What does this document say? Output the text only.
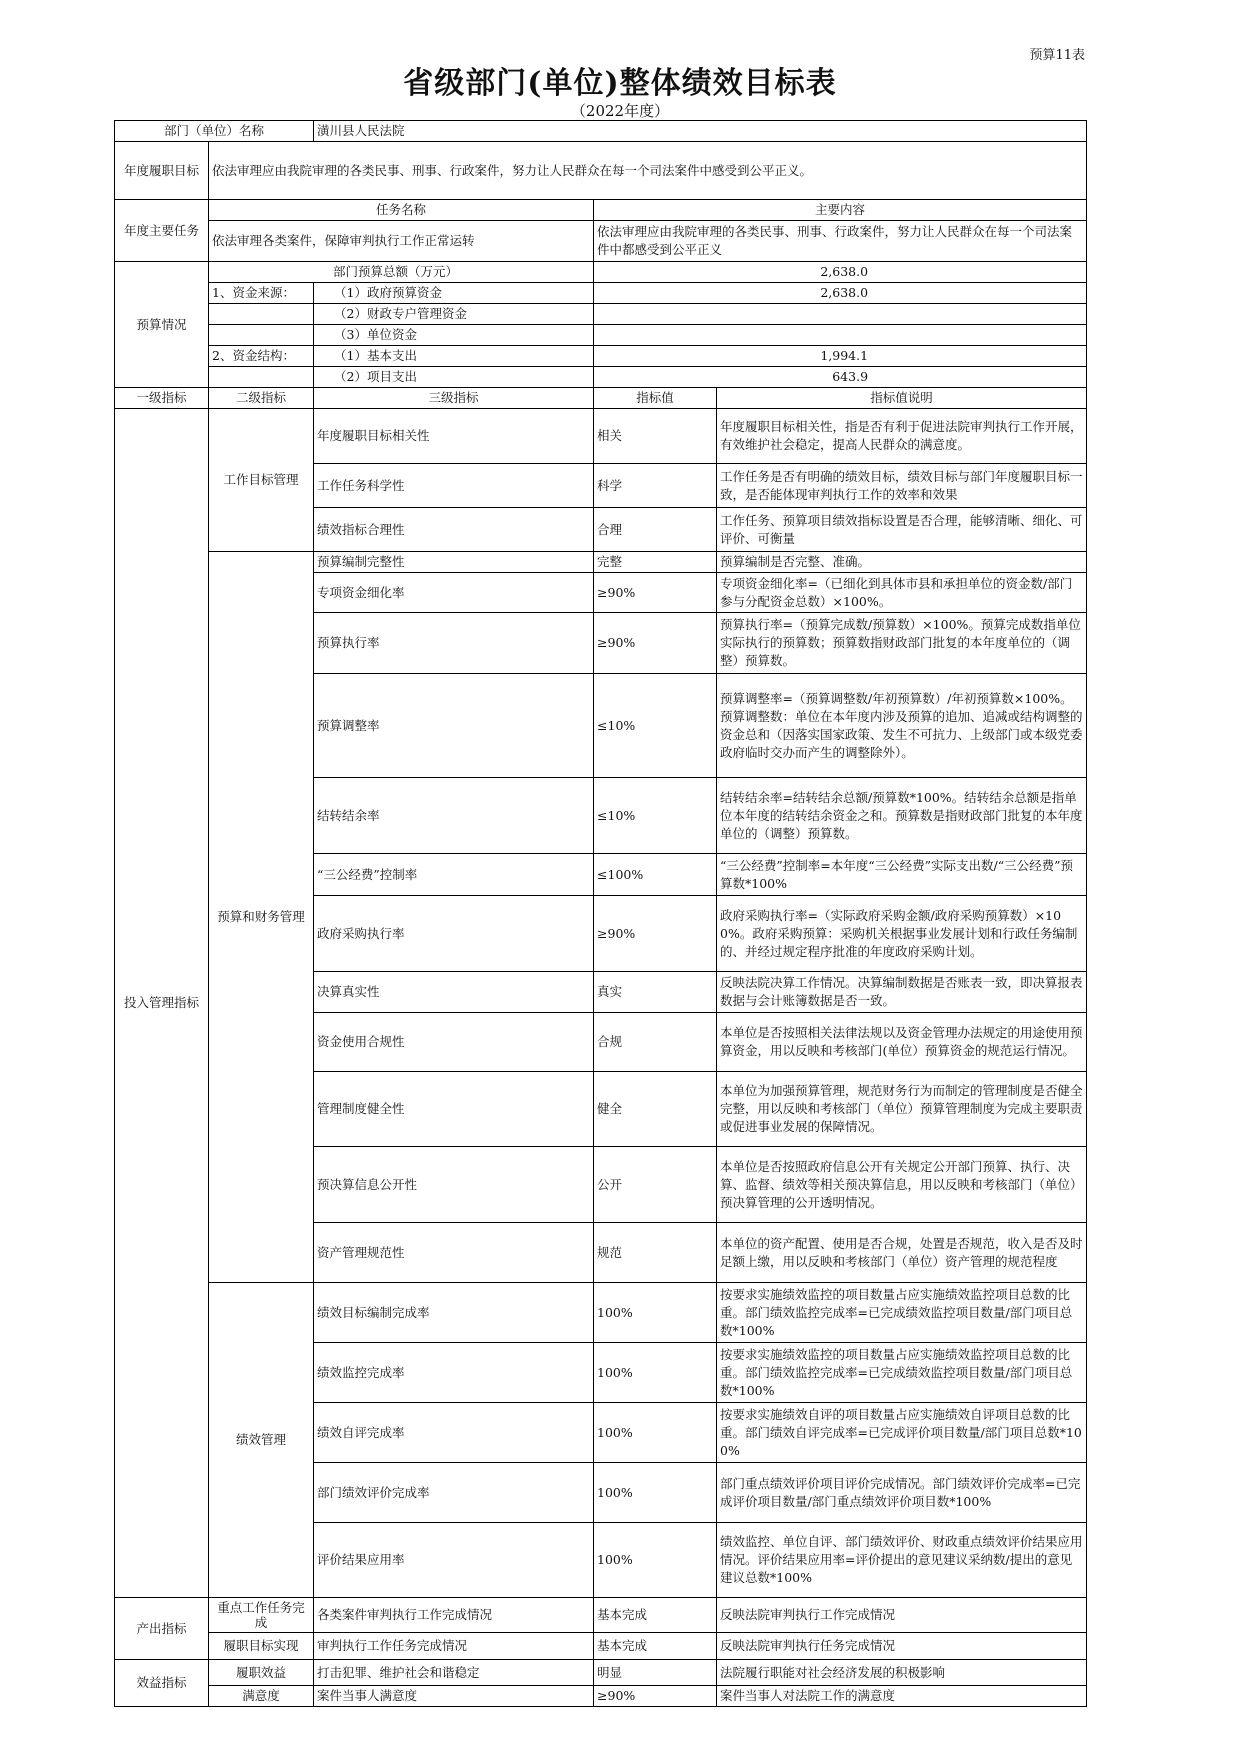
预算11表
省级部门(单位)整体绩效目标表
（2022年度）
部门（单位）名称		潢川县人民法院		
年度履职目标	依法审理应由我院审理的各类民事、刑事、行政案件，努力让人民群众在每一个司法案件中感受到公平正义。			
年度主要任务	任务名称		主要内容	
	依法审理各类案件，保障审判执行工作正常运转		依法审理应由我院审理的各类民事、刑事、行政案件，努力让人民群众在每一个司法案件中都感受到公平正义	
预算情况	部门预算总额（万元）		2,638.0	
	1、资金来源：	（1）政府预算资金	2,638.0	
		（2）财政专户管理资金		
		（3）单位资金		
	2、资金结构：	（1）基本支出	1,994.1	
		（2）项目支出	643.9	
一级指标	二级指标	三级指标	指标值	指标值说明
投入管理指标	工作目标管理	年度履职目标相关性	相关	年度履职目标相关性，指是否有利于促进法院审判执行工作开展，有效维护社会稳定，提高人民群众的满意度。
		工作任务科学性	科学	工作任务是否有明确的绩效目标，绩效目标与部门年度履职目标一致，是否能体现审判执行工作的效率和效果
		绩效指标合理性	合理	工作任务、预算项目绩效指标设置是否合理，能够清晰、细化、可评价、可衡量
	预算和财务管理	预算编制完整性	完整	预算编制是否完整、准确。
		专项资金细化率	≥90%	专项资金细化率=（已细化到具体市县和承担单位的资金数/部门参与分配资金总数）×100%。
		预算执行率	≥90%	预算执行率=（预算完成数/预算数）×100%。预算完成数指单位实际执行的预算数；预算数指财政部门批复的本年度单位的（调整）预算数。
		预算调整率	≤10%	预算调整率=（预算调整数/年初预算数）/年初预算数×100%。预算调整数：单位在本年度内涉及预算的追加、追减或结构调整的资金总和（因落实国家政策、发生不可抗力、上级部门或本级党委政府临时交办而产生的调整除外）。
		结转结余率	≤10%	结转结余率=结转结余总额/预算数*100%。结转结余总额是指单位本年度的结转结余资金之和。预算数是指财政部门批复的本年度单位的（调整）预算数。
		“三公经费”控制率	≤100%	“三公经费”控制率=本年度“三公经费”实际支出数/“三公经费”预算数*100%
		政府采购执行率	≥90%	政府采购执行率=（实际政府采购金额/政府采购预算数）×100%。政府采购预算：采购机关根据事业发展计划和行政任务编制的、并经过规定程序批准的年度政府采购计划。
		决算真实性	真实	反映法院决算工作情况。决算编制数据是否账表一致，即决算报表数据与会计账簿数据是否一致。
		资金使用合规性	合规	本单位是否按照相关法律法规以及资金管理办法规定的用途使用预算资金，用以反映和考核部门(单位）预算资金的规范运行情况。
		管理制度健全性	健全	本单位为加强预算管理，规范财务行为而制定的管理制度是否健全完整，用以反映和考核部门（单位）预算管理制度为完成主要职责或促进事业发展的保障情况。
		预决算信息公开性	公开	本单位是否按照政府信息公开有关规定公开部门预算、执行、决算、监督、绩效等相关预决算信息，用以反映和考核部门（单位）预决算管理的公开透明情况。
		资产管理规范性	规范	本单位的资产配置、使用是否合规，处置是否规范，收入是否及时足额上缴，用以反映和考核部门（单位）资产管理的规范程度
	绩效管理	绩效目标编制完成率	100%	按要求实施绩效监控的项目数量占应实施绩效监控项目总数的比重。部门绩效监控完成率=已完成绩效监控项目数量/部门项目总数*100%
		绩效监控完成率	100%	按要求实施绩效监控的项目数量占应实施绩效监控项目总数的比重。部门绩效监控完成率=已完成绩效监控项目数量/部门项目总数*100%
		绩效自评完成率	100%	按要求实施绩效自评的项目数量占应实施绩效自评项目总数的比重。部门绩效自评完成率=已完成评价项目数量/部门项目总数*100%
		部门绩效评价完成率	100%	部门重点绩效评价项目评价完成情况。部门绩效评价完成率=已完成评价项目数量/部门重点绩效评价项目数*100%
		评价结果应用率	100%	绩效监控、单位自评、部门绩效评价、财政重点绩效评价结果应用情况。评价结果应用率=评价提出的意见建议采纳数/提出的意见建议总数*100%
产出指标	重点工作任务完成	各类案件审判执行工作完成情况	基本完成	反映法院审判执行工作完成情况
	履职目标实现	审判执行工作任务完成情况	基本完成	反映法院审判执行任务完成情况
效益指标	履职效益	打击犯罪、维护社会和谐稳定	明显	法院履行职能对社会经济发展的积极影响
	满意度	案件当事人满意度	≥90%	案件当事人对法院工作的满意度
